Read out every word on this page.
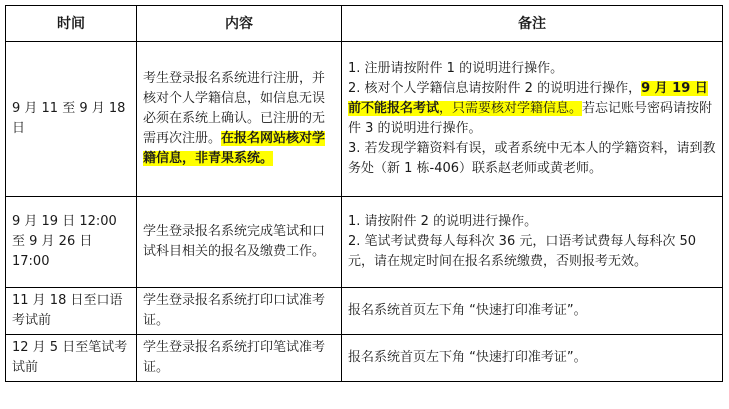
时间	内容	备注
9 月 11 至 9 月 18 日	考生登录报名系统进行注册，并核对个人学籍信息，如信息无误必须在系统上确认。已注册的无需再次注册。在报名网站核对学籍信息，非青果系统。	1. 注册请按附件 1 的说明进行操作。
2. 核对个人学籍信息请按附件 2 的说明进行操作，9 月 19 日前不能报名考试，只需要核对学籍信息。若忘记账号密码请按附件 3 的说明进行操作。
3. 若发现学籍资料有误，或者系统中无本人的学籍资料，请到教务处（新 1 栋-406）联系赵老师或黄老师。

9 月 19 日 12:00 至 9 月 26 日 17:00	学生登录报名系统完成笔试和口试科目相关的报名及缴费工作。	1. 请按附件 2 的说明进行操作。
2. 笔试考试费每人每科次 36 元，口语考试费每人每科次 50 元，请在规定时间在报名系统缴费，否则报考无效。

11 月 18 日至口语考试前	学生登录报名系统打印口试准考证。	报名系统首页左下角 “快速打印准考证”。
12 月 5 日至笔试考试前	学生登录报名系统打印笔试准考证。	报名系统首页左下角 “快速打印准考证”。
